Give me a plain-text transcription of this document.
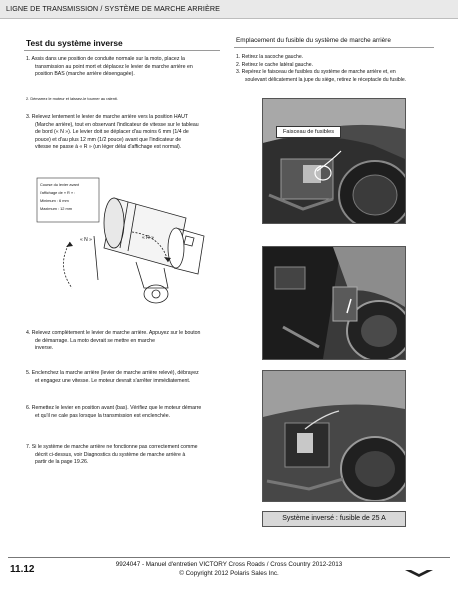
LIGNE DE TRANSMISSION / SYSTÈME DE MARCHE ARRIÈRE
Test du système inverse
1. Assis dans une position de conduite normale sur la moto, placez la
transmission au point mort et déplacez le levier de marche arrière en
position BAS (marche arrière désengagée).
2. Démarrez le moteur et laissez-le tourner au ralenti.
3. Relevez lentement le levier de marche arrière vers la position HAUT
(Marche arrière), tout en observant l'indicateur de vitesse sur le tableau
de bord (« N »). Le levier doit se déplacer d'au moins 6 mm (1/4 de
pouce) et d'au plus 12 mm (1/2 pouce) avant que l'indicateur de
vitesse ne passe à « R » (un léger délai d'affichage est normal).
Course du levier avant
l'affichage de « R » :
Minimum : 6 mm
Maximum : 12 mm
« N »	« R »
4. Relevez complètement le levier de marche arrière. Appuyez sur le bouton
de démarrage. La moto devrait se mettre en marche
inverse.
5. Enclenchez la marche arrière (levier de marche arrière relevé), débrayez
et engagez une vitesse. Le moteur devrait s'arrêter immédiatement.
6. Remettez le levier en position avant (bas). Vérifiez que le moteur démarre
et qu'il ne cale pas lorsque la transmission est enclenchée.
7. Si le système de marche arrière ne fonctionne pas correctement comme
décrit ci-dessus, voir Diagnostics du système de marche arrière à
partir de la page 19.26.
Emplacement du fusible du système de marche arrière
1. Retirez la sacoche gauche.
2. Retirez le cache latéral gauche.
3. Repérez le faisceau de fusibles du système de marche arrière et, en
soulevant délicatement la jupe du siège, retirez le réceptacle du fusible.
Faisceau de fusibles
Système inversé : fusible de 25 A
11.12	9924047 - Manuel d'entretien VICTORY Cross Roads / Cross Country 2012-2013
© Copyright 2012 Polaris Sales Inc.
